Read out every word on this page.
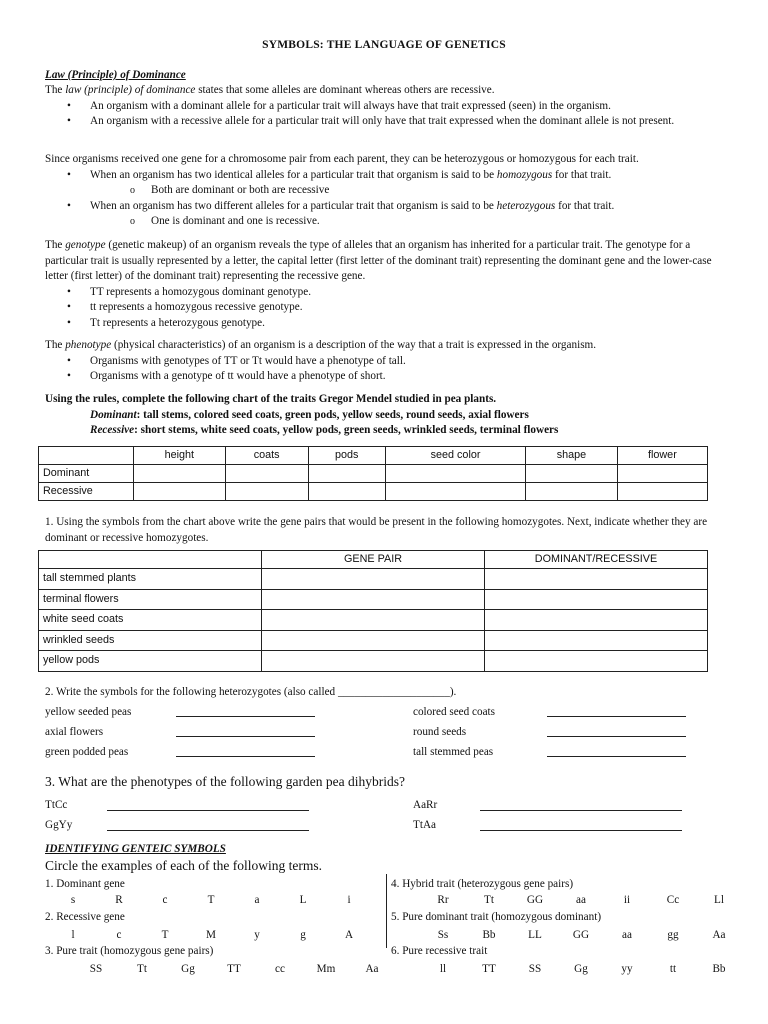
SYMBOLS: THE LANGUAGE OF GENETICS
Law (Principle) of Dominance

The law (principle) of dominance states that some alleles are dominant whereas others are recessive.

• An organism with a dominant allele for a particular trait will always have that trait expressed (seen) in the organism.
• An organism with a recessive allele for a particular trait will only have that trait expressed when the dominant allele is not present.

Since organisms received one gene for a chromosome pair from each parent, they can be heterozygous or homozygous for each trait.

• When an organism has two identical alleles for a particular trait that organism is said to be homozygous for that trait.
o Both are dominant or both are recessive
• When an organism has two different alleles for a particular trait that organism is said to be heterozygous for that trait.
o One is dominant and one is recessive.

The genotype (genetic makeup) of an organism reveals the type of alleles that an organism has inherited for a particular trait. The genotype for a particular trait is usually represented by a letter, the capital letter (first letter of the dominant trait) representing the dominant gene and the lower-case letter (first letter) of the dominant trait) representing the recessive gene.

• TT represents a homozygous dominant genotype.
• tt represents a homozygous recessive genotype.
• Tt represents a heterozygous genotype.

The phenotype (physical characteristics) of an organism is a description of the way that a trait is expressed in the organism.

• Organisms with genotypes of TT or Tt would have a phenotype of tall.
• Organisms with a genotype of tt would have a phenotype of short.

Using the rules, complete the following chart of the traits Gregor Mendel studied in pea plants.

Dominant: tall stems, colored seed coats, green pods, yellow seeds, round seeds, axial flowers

Recessive: short stems, white seed coats, yellow pods, green seeds, wrinkled seeds, terminal flowers

	height	coats	pods	seed color	shape	flower
Dominant						
Recessive						
1. Using the symbols from the chart above write the gene pairs that would be present in the following homozygotes. Next, indicate whether they are dominant or recessive homozygotes.
	GENE PAIR	DOMINANT/RECESSIVE
tall stemmed plants		
terminal flowers		
white seed coats		
wrinkled seeds		
yellow pods		
2. Write the symbols for the following heterozygotes (also called ____________________).
yellow seeded peas
axial flowers
green podded peas
colored seed coats
round seeds
tall stemmed peas
3. What are the phenotypes of the following garden pea dihybrids?
TtCc
GgYy
AaRr
TtAa
IDENTIFYING GENTEIC SYMBOLS
Circle the examples of each of the following terms.
1. Dominant gene
s	R	c	T	a	L	i
2. Recessive gene
l	c	T	M	y	g	A
3. Pure trait (homozygous gene pairs)
SS	Tt	Gg	TT	cc	Mm	Aa
4. Hybrid trait (heterozygous gene pairs)
Rr	Tt	GG	aa	ii	Cc	Ll
5. Pure dominant trait (homozygous dominant)
Ss	Bb	LL	GG	aa	gg	Aa
6. Pure recessive trait
ll	TT	SS	Gg	yy	tt	Bb
